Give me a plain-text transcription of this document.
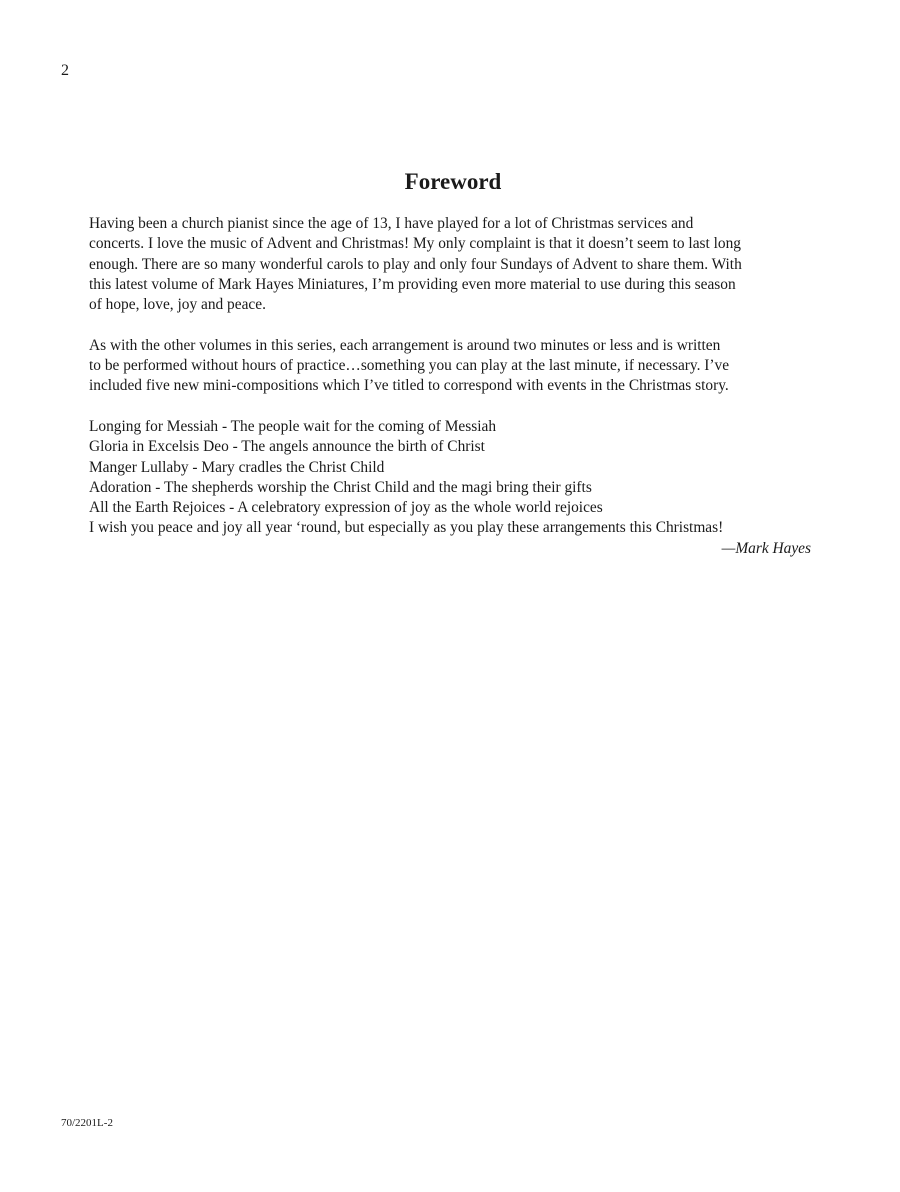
2
Foreword

Having been a church pianist since the age of 13, I have played for a lot of Christmas services and
concerts. I love the music of Advent and Christmas! My only complaint is that it doesn’t seem to last long
enough. There are so many wonderful carols to play and only four Sundays of Advent to share them. With
this latest volume of Mark Hayes Miniatures, I’m providing even more material to use during this season
of hope, love, joy and peace.

As with the other volumes in this series, each arrangement is around two minutes or less and is written
to be performed without hours of practice…something you can play at the last minute, if necessary. I’ve
included five new mini-compositions which I’ve titled to correspond with events in the Christmas story.

Longing for Messiah - The people wait for the coming of Messiah
Gloria in Excelsis Deo - The angels announce the birth of Christ
Manger Lullaby - Mary cradles the Christ Child
Adoration - The shepherds worship the Christ Child and the magi bring their gifts
All the Earth Rejoices - A celebratory expression of joy as the whole world rejoices

I wish you peace and joy all year ‘round, but especially as you play these arrangements this Christmas!

—Mark Hayes

70/2201L-2
